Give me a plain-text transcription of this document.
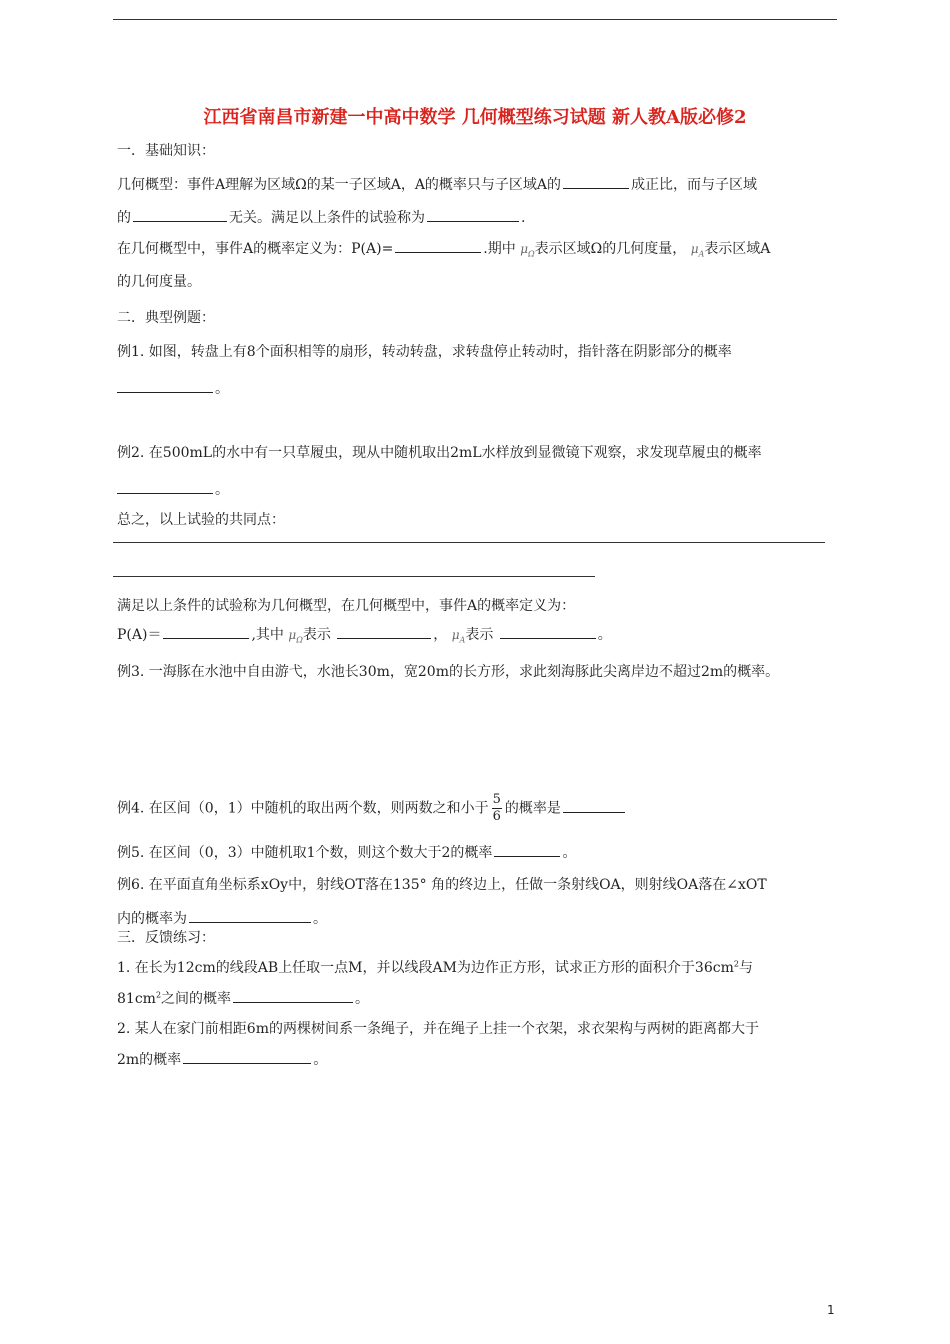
江西省南昌市新建一中高中数学 几何概型练习试题 新人教A版必修2
一．基础知识：
几何概型：事件A理解为区域Ω的某一子区域A，A的概率只与子区域A的	成正比，而与子区域
的	无关。满足以上条件的试验称为	.
在几何概型中，事件A的概率定义为：P(A)=	.期中 $\mu_\Omega$表示区域Ω的几何度量， $\mu_A$表示区域A
的几何度量。
二．典型例题：
例1. 如图，转盘上有8个面积相等的扇形，转动转盘，求转盘停止转动时，指针落在阴影部分的概率
。
例2. 在500mL的水中有一只草履虫，现从中随机取出2mL水样放到显微镜下观察，求发现草履虫的概率
。
总之，以上试验的共同点：
满足以上条件的试验称为几何概型，在几何概型中，事件A的概率定义为：
P(A)＝	,其中 $\mu_\Omega$表示	， $\mu_A$表示	。
例3. 一海豚在水池中自由游弋，水池长30m，宽20m的长方形，求此刻海豚此尖离岸边不超过2m的概率。
例4. 在区间（0，1）中随机的取出两个数，则两数之和小于 $\frac{5}{6}$ 的概率是
例5. 在区间（0，3）中随机取1个数，则这个数大于2的概率	。
例6. 在平面直角坐标系xOy中，射线OT落在135° 角的终边上，任做一条射线OA，则射线OA落在∠xOT
内的概率为	。
三．反馈练习：
1. 在长为12cm的线段AB上任取一点M，并以线段AM为边作正方形，试求正方形的面积介于$36cm^2$与
$81cm^2$之间的概率	。
2. 某人在家门前相距6m的两棵树间系一条绳子，并在绳子上挂一个衣架，求衣架构与两树的距离都大于
2m的概率	。
1
